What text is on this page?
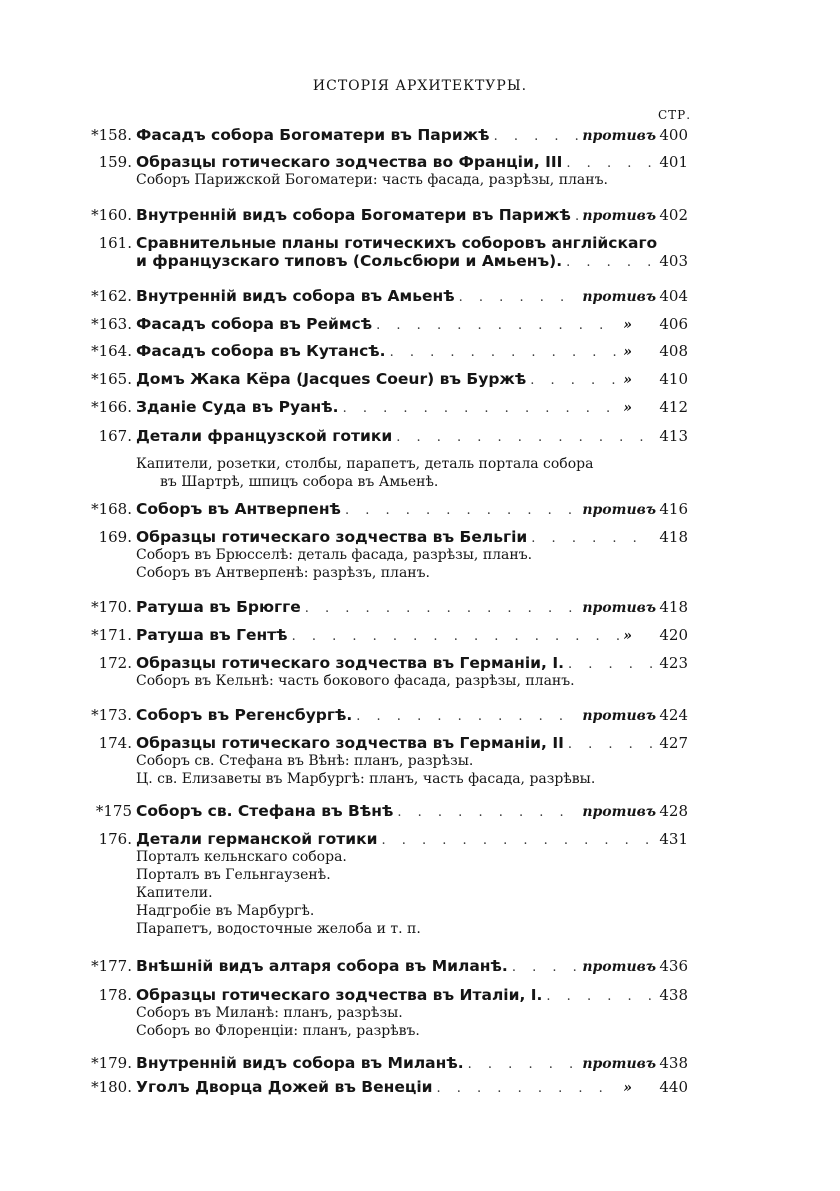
ИСТОРІЯ АРХИТЕКТУРЫ.
СТР.
*158. Фасадъ собора Богоматери въ Парижѣ . . .	противъ 400
159. Образцы готическаго зодчества во Франціи, III . . .	401
Соборъ Парижской Богоматери: часть фасада, разрѣзы, планъ.
*160. Внутренній видъ собора Богоматери въ Парижѣ . . . противъ 402
161. Сравнительные планы готическихъ соборовъ англійскаго
и французскаго типовъ (Сольсбюри и Амьенъ). . . .	403
*162. Внутренній видъ собора въ Амьенѣ . . .	противъ 404
*163. Фасадъ собора въ Реймсѣ . . .	» 406
*164. Фасадъ собора въ Кутансѣ. . . .	» 408
*165. Домъ Жака Кёра (Jacques Coeur) въ Буржѣ . . .	» 410
*166. Зданіе Суда въ Руанѣ. . . .	» 412
167. Детали французской готики . . .	413
Капители, розетки, столбы, парапетъ, деталь портала собора
въ Шартрѣ, шпицъ собора въ Амьенѣ.
*168. Соборъ въ Антверпенѣ . . .	противъ 416
169. Образцы готическаго зодчества въ Бельгіи . . .	418
Соборъ въ Брюсселѣ: деталь фасада, разрѣзы, планъ.
Соборъ въ Антверпенѣ: разрѣзъ, планъ.
*170. Ратуша въ Брюгге . . .	противъ 418
*171. Ратуша въ Гентѣ . . .	» 420
172. Образцы готическаго зодчества въ Германіи, I. . . .	423
Соборъ въ Кельнѣ: часть бокового фасада, разрѣзы, планъ.
*173. Соборъ въ Регенсбургѣ. . . .	противъ 424
174. Образцы готическаго зодчества въ Германіи, II . . .	427
Соборъ св. Стефана въ Вѣнѣ: планъ, разрѣзы.
Ц. св. Елизаветы въ Марбургѣ: планъ, часть фасада, разрѣвы.
*175 Соборъ св. Стефана въ Вѣнѣ . . .	противъ 428
176. Детали германской готики . . .	431
Порталъ кельнскаго собора.
Порталъ въ Гельнгаузенѣ.
Капители.
Надгробіе въ Марбургѣ.
Парапетъ, водосточные желоба и т. п.
*177. Внѣшній видъ алтаря собора въ Миланѣ. . . .	противъ 436
178. Образцы готическаго зодчества въ Италіи, I. . . .	438
Соборъ въ Миланѣ: планъ, разрѣзы.
Соборъ во Флоренціи: планъ, разрѣвъ.
*179. Внутренній видъ собора въ Миланѣ. . . .	противъ 438
*180. Уголъ Дворца Дожей въ Венеціи . . .	» 440
